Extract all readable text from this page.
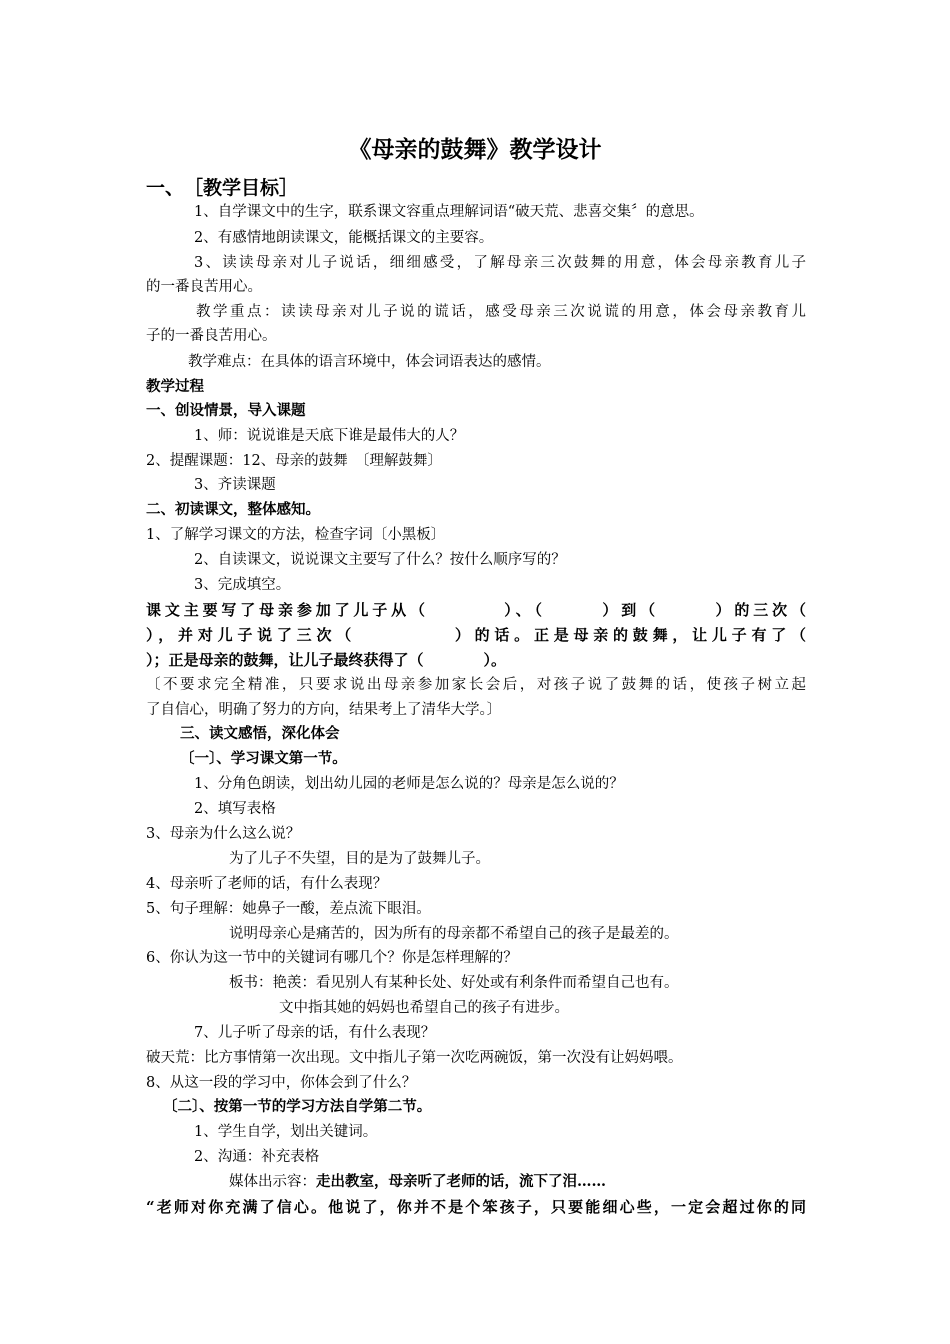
《母亲的鼓舞》教学设计
一、　［教学目标］
1、自学课文中的生字，联系课文容重点理解词语“破天荒、悲喜交集〞的意思。
2、有感情地朗读课文，能概括课文的主要容。
3、读读母亲对儿子说话，细细感受，了解母亲三次鼓舞的用意，体会母亲教育儿子
的一番良苦用心。
教学重点：读读母亲对儿子说的谎话，感受母亲三次说谎的用意，体会母亲教育儿
子的一番良苦用心。
教学难点：在具体的语言环境中，体会词语表达的感情。
教学过程
一、创设情景，导入课题
1、师：说说谁是天底下谁是最伟大的人？
2、提醒课题：12、母亲的鼓舞　〔理解鼓舞〕
3、齐读课题
二、初读课文，整体感知。
1、了解学习课文的方法，检查字词〔小黑板〕
2、自读课文，说说课文主要写了什么？按什么顺序写的？
3、完成填空。
课文主要写了母亲参加了儿子从（　　　　）、（　　　）到（　　　）的三次（
），并对儿子说了三次（　　　　　）的话。正是母亲的鼓舞，让儿子有了（
）；正是母亲的鼓舞，让儿子最终获得了（　　　　）。
〔不要求完全精准，只要求说出母亲参加家长会后，对孩子说了鼓舞的话，使孩子树立起
了自信心，明确了努力的方向，结果考上了清华大学。〕
三、读文感悟，深化体会
〔一〕、学习课文第一节。
1、分角色朗读，划出幼儿园的老师是怎么说的？母亲是怎么说的？
2、填写表格
3、母亲为什么这么说？
为了儿子不失望，目的是为了鼓舞儿子。
4、母亲听了老师的话，有什么表现？
5、句子理解：她鼻子一酸，差点流下眼泪。
说明母亲心是痛苦的，因为所有的母亲都不希望自己的孩子是最差的。
6、你认为这一节中的关键词有哪几个？你是怎样理解的？
板书：艳羡：看见别人有某种长处、好处或有利条件而希望自己也有。
文中指其她的妈妈也希望自己的孩子有进步。
7、儿子听了母亲的话，有什么表现？
破天荒：比方事情第一次出现。文中指儿子第一次吃两碗饭，第一次没有让妈妈喂。
8、从这一段的学习中，你体会到了什么？
〔二〕、按第一节的学习方法自学第二节。
1、学生自学，划出关键词。
2、沟通：补充表格
媒体出示容：走出教室，母亲听了老师的话，流下了泪……
“老师对你充满了信心。他说了，你并不是个笨孩子，只要能细心些，一定会超过你的同
